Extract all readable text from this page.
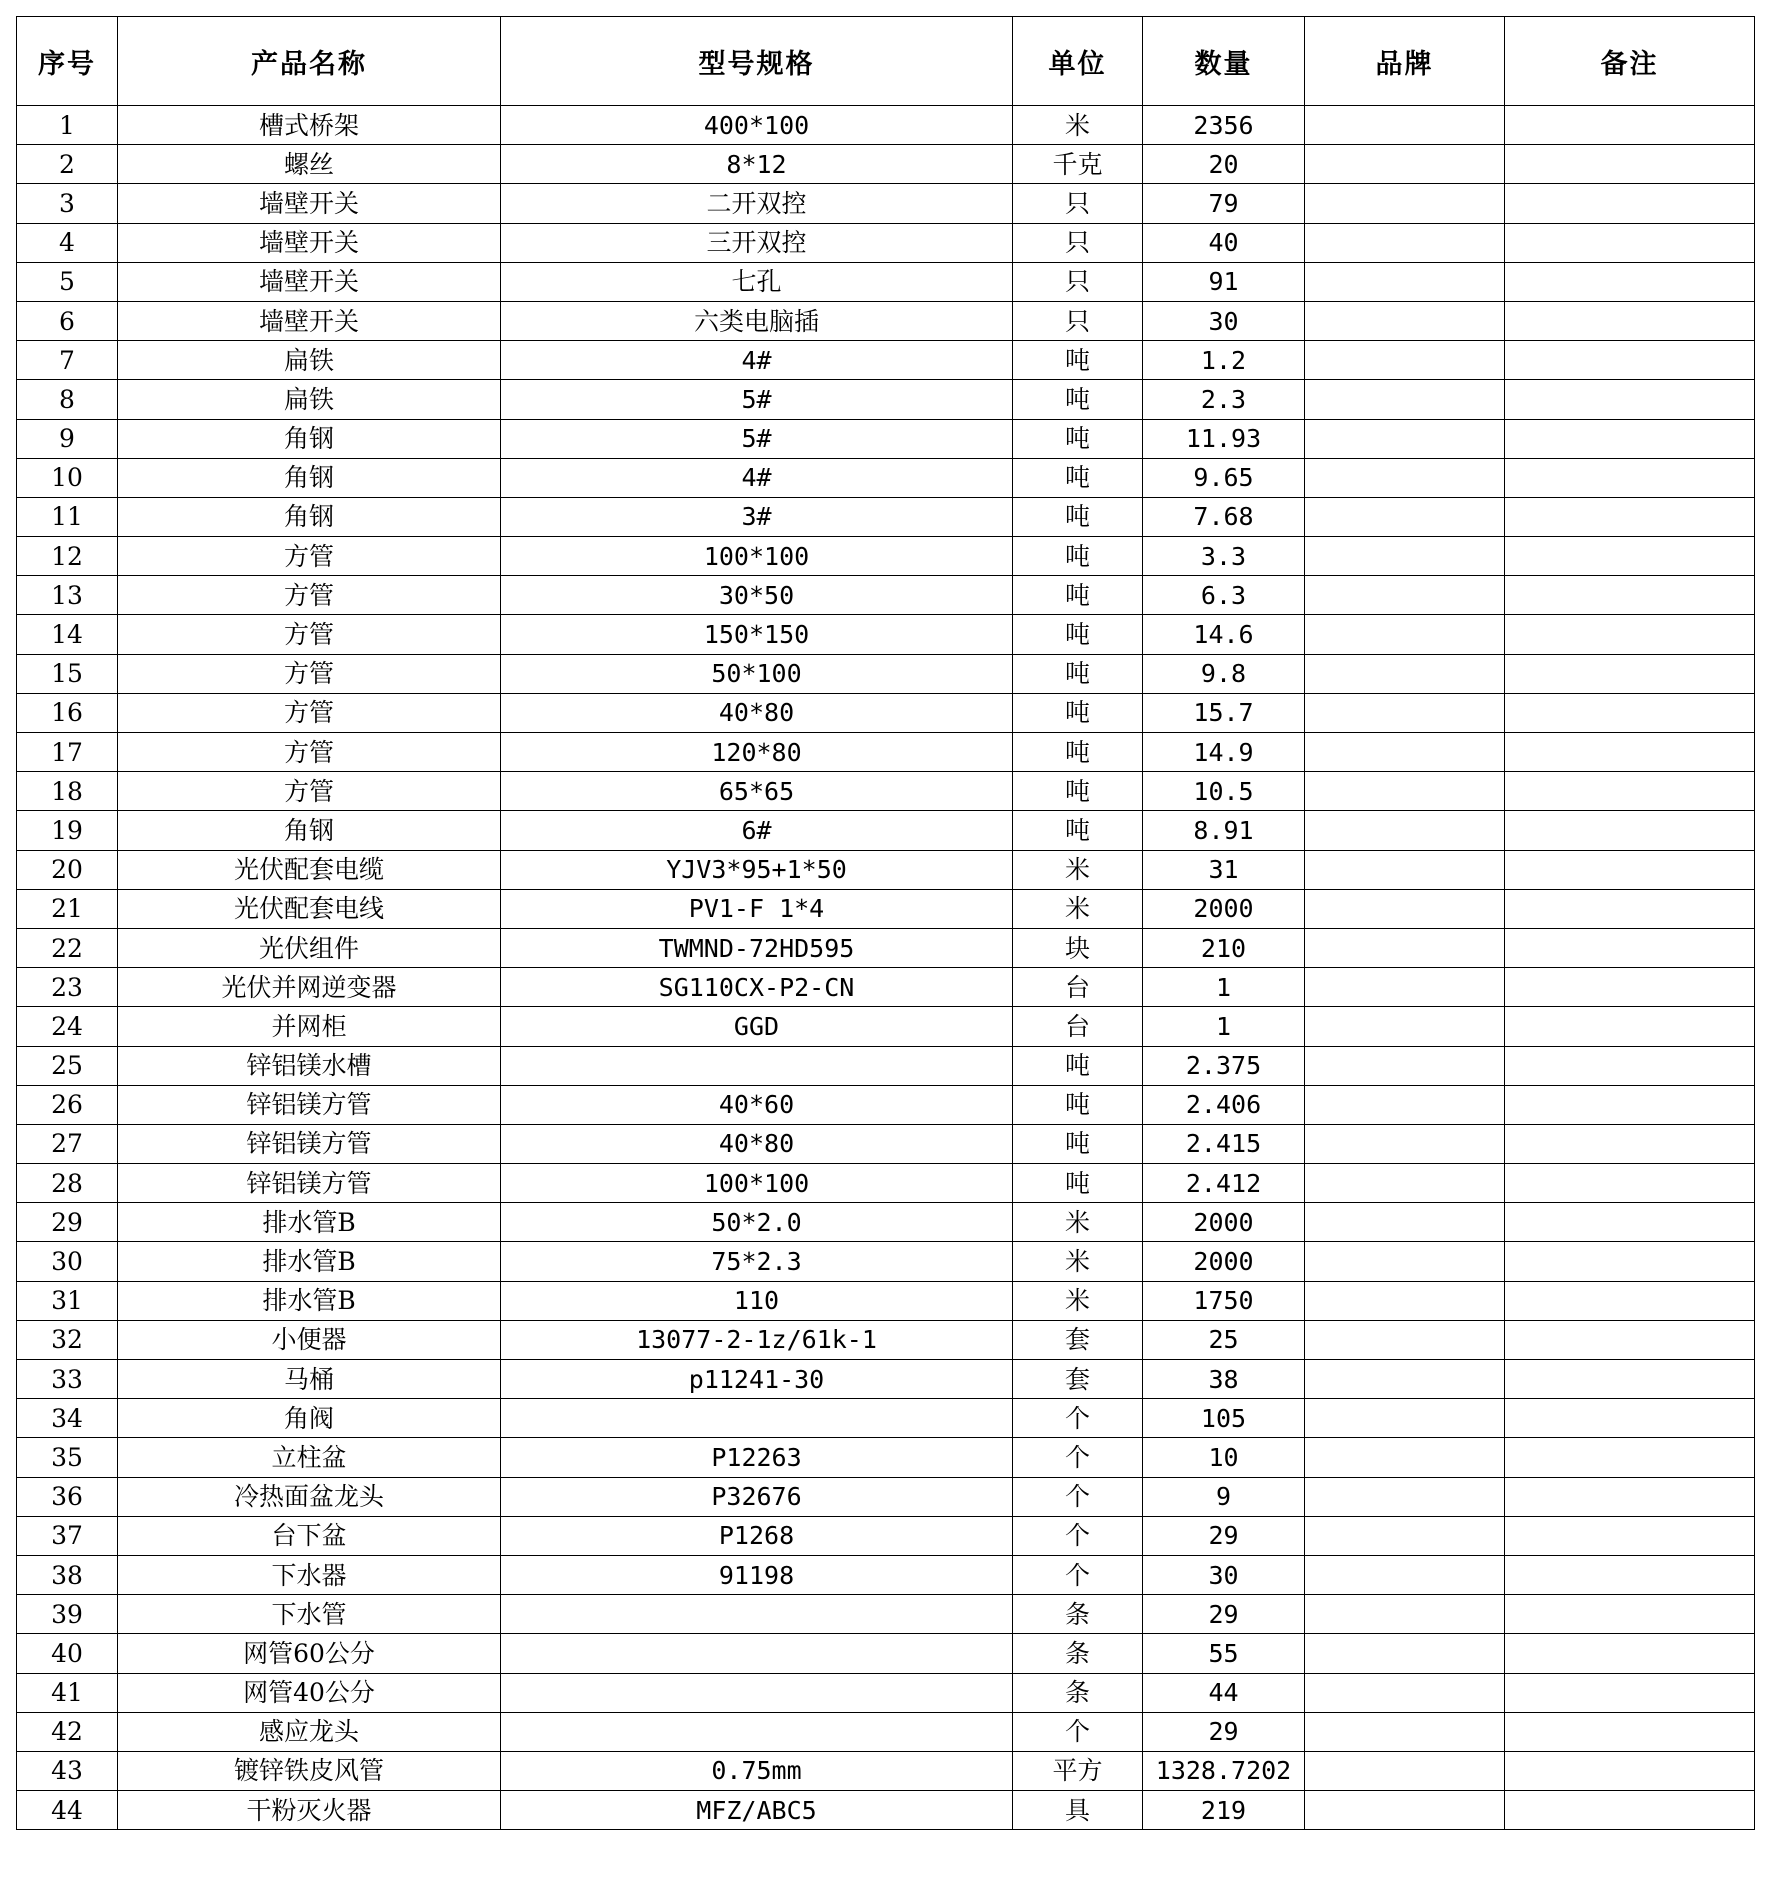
序号	产品名称	型号规格	单位	数量	品牌	备注
1	槽式桥架	400*100	米	2356		
2	螺丝	8*12	千克	20		
3	墙壁开关	二开双控	只	79		
4	墙壁开关	三开双控	只	40		
5	墙壁开关	七孔	只	91		
6	墙壁开关	六类电脑插	只	30		
7	扁铁	4#	吨	1.2		
8	扁铁	5#	吨	2.3		
9	角钢	5#	吨	11.93		
10	角钢	4#	吨	9.65		
11	角钢	3#	吨	7.68		
12	方管	100*100	吨	3.3		
13	方管	30*50	吨	6.3		
14	方管	150*150	吨	14.6		
15	方管	50*100	吨	9.8		
16	方管	40*80	吨	15.7		
17	方管	120*80	吨	14.9		
18	方管	65*65	吨	10.5		
19	角钢	6#	吨	8.91		
20	光伏配套电缆	YJV3*95+1*50	米	31		
21	光伏配套电线	PV1-F 1*4	米	2000		
22	光伏组件	TWMND-72HD595	块	210		
23	光伏并网逆变器	SG110CX-P2-CN	台	1		
24	并网柜	GGD	台	1		
25	锌铝镁水槽		吨	2.375		
26	锌铝镁方管	40*60	吨	2.406		
27	锌铝镁方管	40*80	吨	2.415		
28	锌铝镁方管	100*100	吨	2.412		
29	排水管B	50*2.0	米	2000		
30	排水管B	75*2.3	米	2000		
31	排水管B	110	米	1750		
32	小便器	13077-2-1z/61k-1	套	25		
33	马桶	p11241-30	套	38		
34	角阀		个	105		
35	立柱盆	P12263	个	10		
36	冷热面盆龙头	P32676	个	9		
37	台下盆	P1268	个	29		
38	下水器	91198	个	30		
39	下水管		条	29		
40	网管60公分		条	55		
41	网管40公分		条	44		
42	感应龙头		个	29		
43	镀锌铁皮风管	0.75mm	平方	1328.7202		
44	干粉灭火器	MFZ/ABC5	具	219		
